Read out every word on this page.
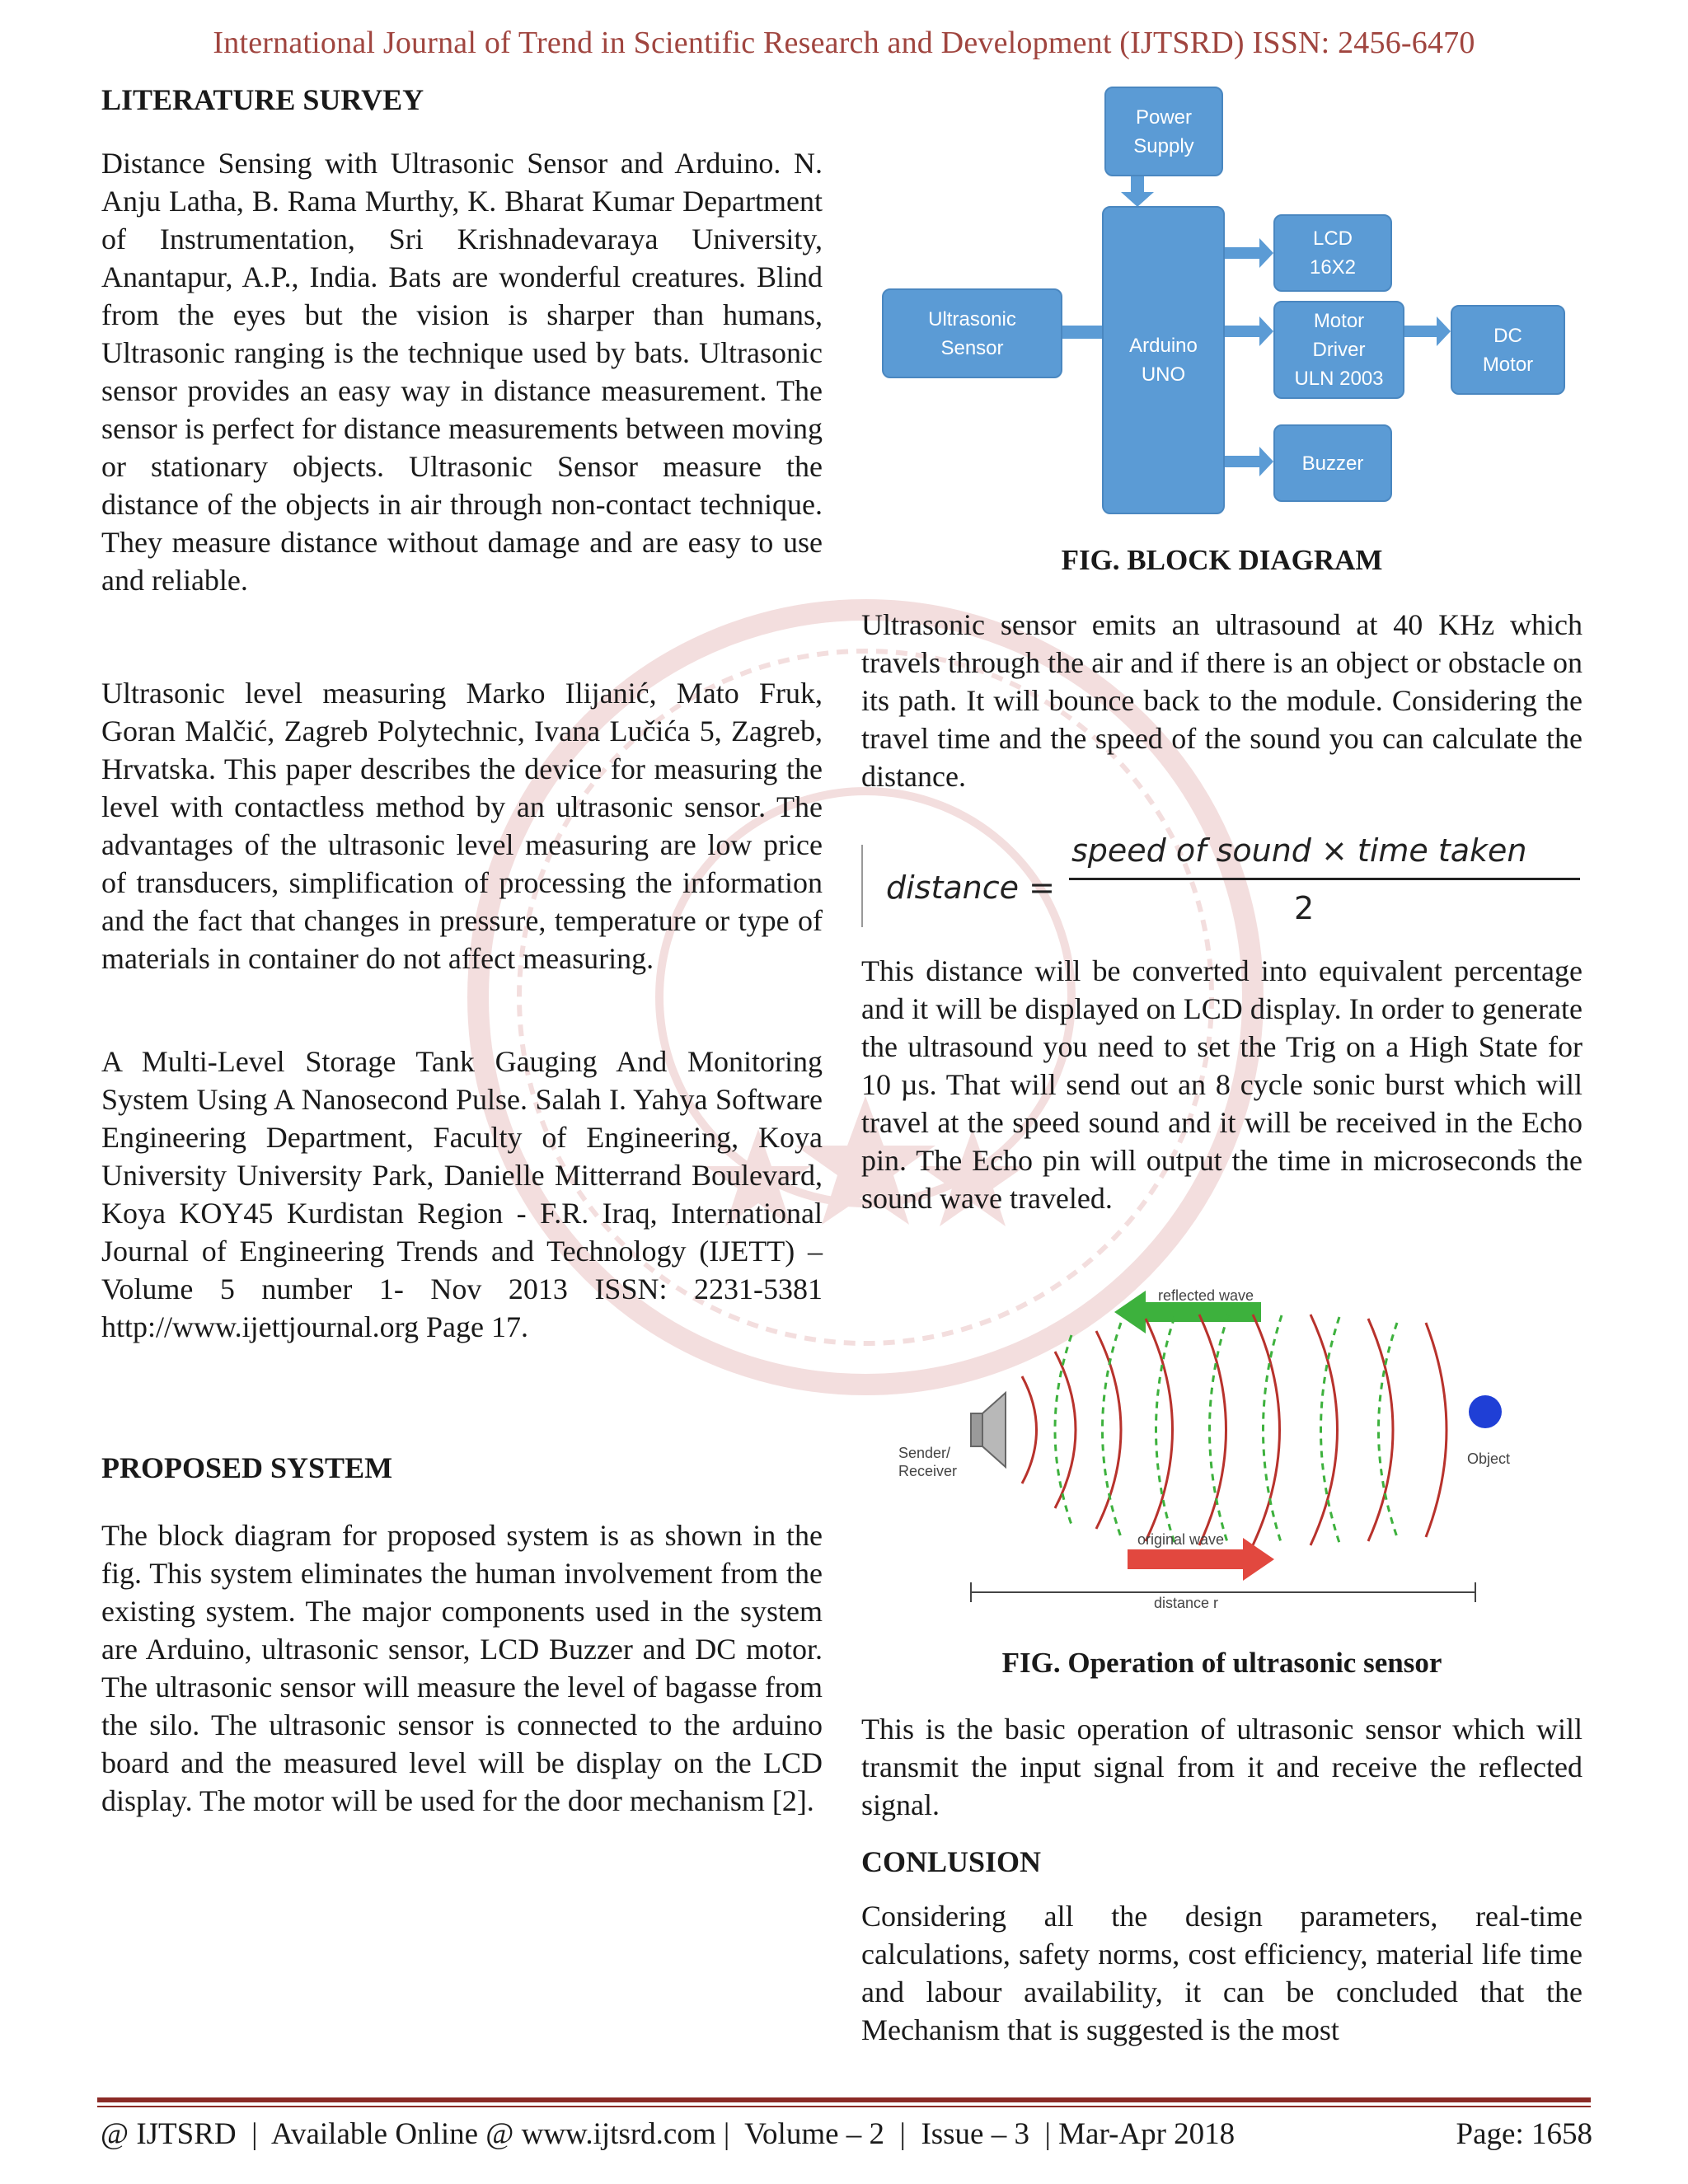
International Journal of Trend in Scientific Research and Development (IJTSRD) ISSN: 2456-6470
LITERATURE SURVEY

Distance Sensing with Ultrasonic Sensor and Arduino. N. Anju Latha, B. Rama Murthy, K. Bharat Kumar Department of Instrumentation, Sri Krishnadevaraya University, Anantapur, A.P., India. Bats are wonderful creatures. Blind from the eyes but the vision is sharper than humans, Ultrasonic ranging is the technique used by bats. Ultrasonic sensor provides an easy way in distance measurement. The sensor is perfect for distance measurements between moving or stationary objects. Ultrasonic Sensor measure the distance of the objects in air through non-contact technique. They measure distance without damage and are easy to use and reliable.

Ultrasonic level measuring Marko Ilijanić, Mato Fruk, Goran Malčić, Zagreb Polytechnic, Ivana Lučića 5, Zagreb, Hrvatska. This paper describes the device for measuring the level with contactless method by an ultrasonic sensor. The advantages of the ultrasonic level measuring are low price of transducers, simplification of processing the information and the fact that changes in pressure, temperature or type of materials in container do not affect measuring.

A Multi-Level Storage Tank Gauging And Monitoring System Using A Nanosecond Pulse. Salah I. Yahya Software Engineering Department, Faculty of Engineering, Koya University University Park, Danielle Mitterrand Boulevard, Koya KOY45 Kurdistan Region - F.R. Iraq, International Journal of Engineering Trends and Technology (IJETT) – Volume 5 number 1- Nov 2013 ISSN: 2231-5381 http://www.ijettjournal.org Page 17.

PROPOSED SYSTEM

The block diagram for proposed system is as shown in the fig. This system eliminates the human involvement from the existing system. The major components used in the system are Arduino, ultrasonic sensor, LCD Buzzer and DC motor. The ultrasonic sensor will measure the level of bagasse from the silo. The ultrasonic sensor is connected to the arduino board and the measured level will be display on the LCD display. The motor will be used for the door mechanism [2].

Power
Supply
Ultrasonic
Sensor	Arduino
UNO
LCD
16X2
Motor
Driver
ULN 2003
DC
Motor
Buzzer
FIG. BLOCK DIAGRAM

Ultrasonic sensor emits an ultrasound at 40 KHz which travels through the air and if there is an object or obstacle on its path. It will bounce back to the module. Considering the travel time and the speed of the sound you can calculate the distance.

distance =
speed of sound × time taken
2

This distance will be converted into equivalent percentage and it will be displayed on LCD display. In order to generate the ultrasound you need to set the Trig on a High State for 10 µs. That will send out an 8 cycle sonic burst which will travel at the speed sound and it will be received in the Echo pin. The Echo pin will output the time in microseconds the sound wave traveled.

reflected wave
Sender/
Receiver
Object
original wave
distance r
FIG. Operation of ultrasonic sensor

This is the basic operation of ultrasonic sensor which will transmit the input signal from it and receive the reflected signal.

CONLUSION

Considering all the design parameters, real-time calculations, safety norms, cost efficiency, material life time and labour availability, it can be concluded that the Mechanism that is suggested is the most

@ IJTSRD  |  Available Online @ www.ijtsrd.com |  Volume – 2  |  Issue – 3  | Mar-Apr 2018	Page: 1658
